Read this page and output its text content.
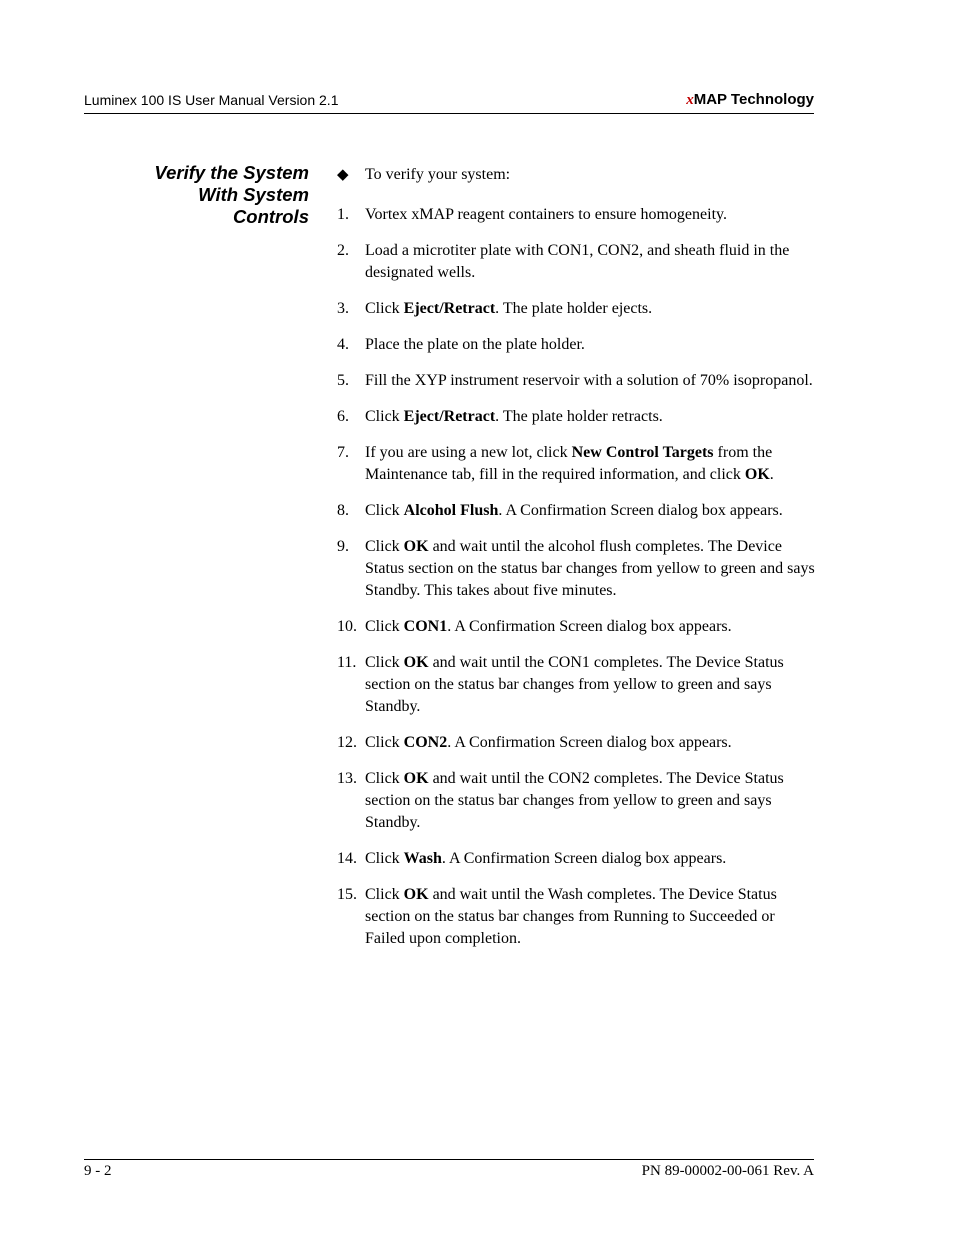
Luminex 100 IS User Manual Version 2.1	xMAP Technology
Verify the System
With System
Controls
◆ To verify your system:
1. Vortex xMAP reagent containers to ensure homogeneity.
2. Load a microtiter plate with CON1, CON2, and sheath fluid in the designated wells.
3. Click Eject/Retract. The plate holder ejects.
4. Place the plate on the plate holder.
5. Fill the XYP instrument reservoir with a solution of 70% isopropanol.
6. Click Eject/Retract. The plate holder retracts.
7. If you are using a new lot, click New Control Targets from the Maintenance tab, fill in the required information, and click OK.
8. Click Alcohol Flush. A Confirmation Screen dialog box appears.
9. Click OK and wait until the alcohol flush completes. The Device Status section on the status bar changes from yellow to green and says Standby. This takes about five minutes.
10. Click CON1. A Confirmation Screen dialog box appears.
11. Click OK and wait until the CON1 completes. The Device Status section on the status bar changes from yellow to green and says Standby.
12. Click CON2. A Confirmation Screen dialog box appears.
13. Click OK and wait until the CON2 completes. The Device Status section on the status bar changes from yellow to green and says Standby.
14. Click Wash. A Confirmation Screen dialog box appears.
15. Click OK and wait until the Wash completes. The Device Status section on the status bar changes from Running to Succeeded or Failed upon completion.
9 - 2	PN 89-00002-00-061 Rev. A
